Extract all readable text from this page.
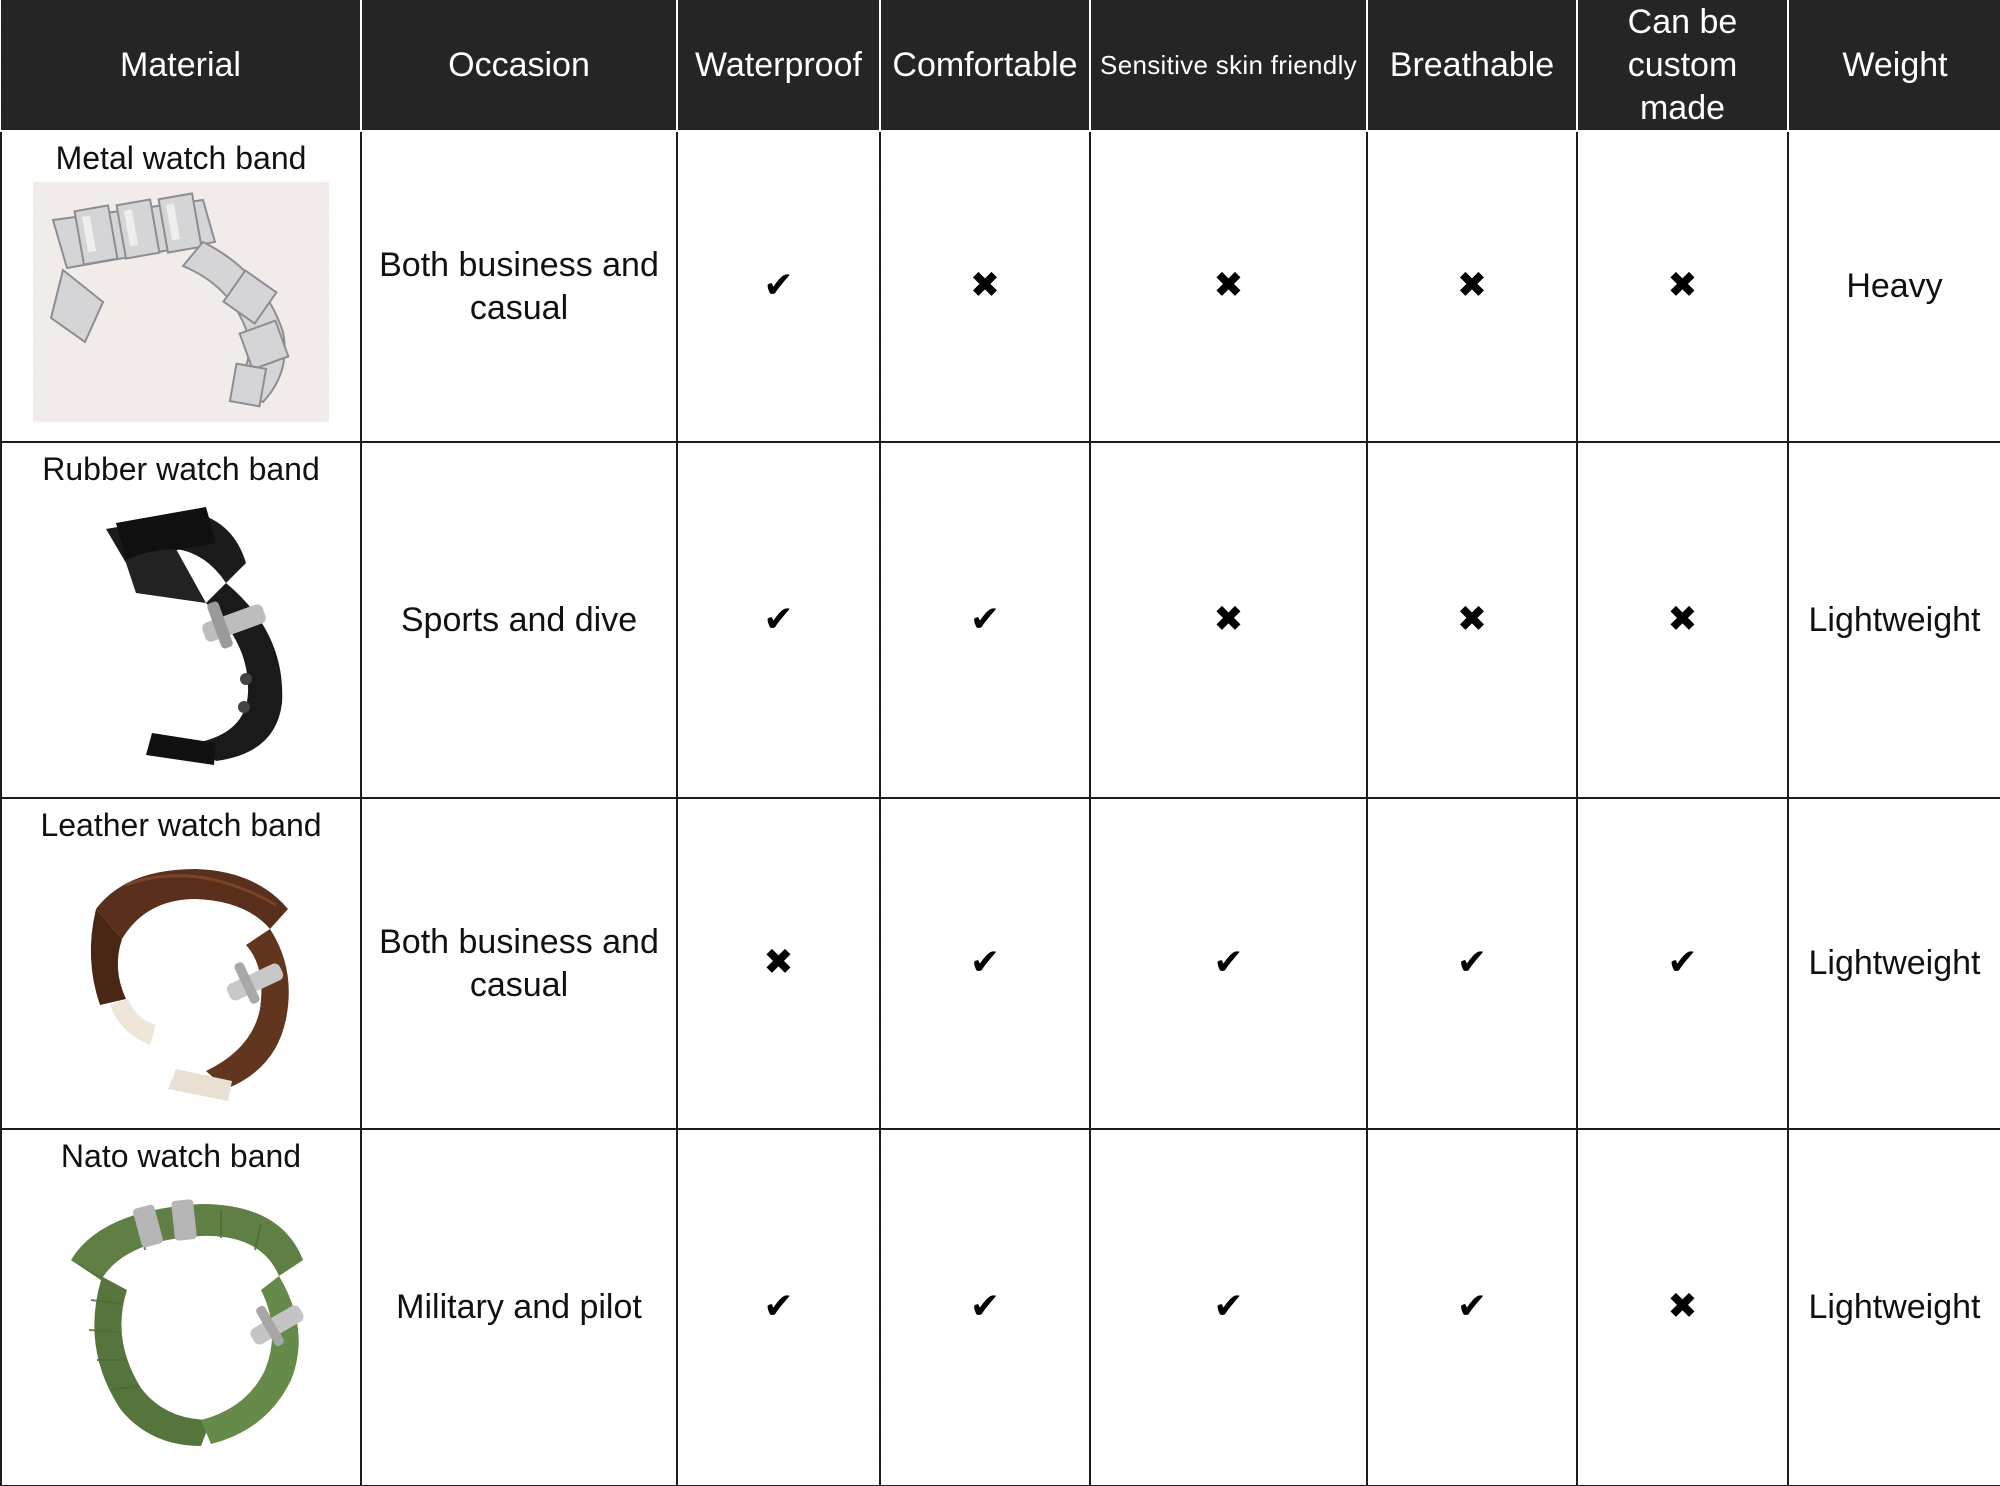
Material	Occasion	Waterproof	Comfortable	Sensitive skin friendly	Breathable	Can be
custom
made	Weight

Metal watch band	Both business and
casual	✔	✖	✖	✖	✖	Heavy

Rubber watch band	Sports and dive	✔	✔	✖	✖	✖	Lightweight

Leather watch band	Both business and
casual	✖	✔	✔	✔	✔	Lightweight

Nato watch band	Military and pilot	✔	✔	✔	✔	✖	Lightweight
